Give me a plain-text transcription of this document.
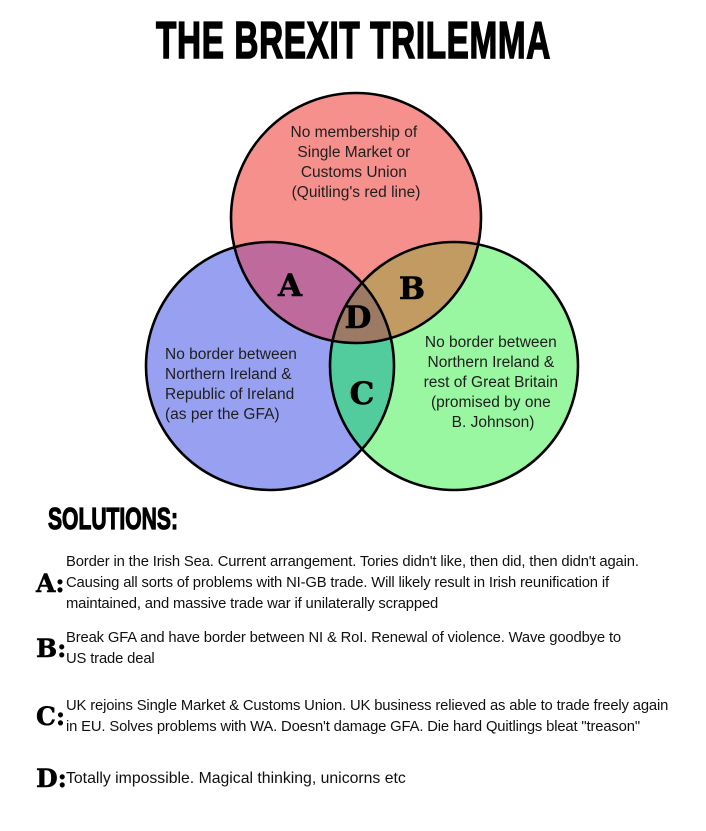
THE BREXIT TRILEMMA
No membership of Single Market or Customs Union (Quitling's red line)
No border between Northern Ireland & Republic of Ireland (as per the GFA)
No border between Northern Ireland & rest of Great Britain (promised by one B. Johnson)
A	B
D
C
SOLUTIONS:
A:
Border in the Irish Sea. Current arrangement. Tories didn't like, then did, then didn't again.
Causing all sorts of problems with NI-GB trade. Will likely result in Irish reunification if
maintained, and massive trade war if unilaterally scrapped
B: Break GFA and have border between NI & RoI. Renewal of violence. Wave goodbye to
US trade deal
C: UK rejoins Single Market & Customs Union. UK business relieved as able to trade freely again
in EU. Solves problems with WA. Doesn't damage GFA. Die hard Quitlings bleat "treason"
D: Totally impossible. Magical thinking, unicorns etc
